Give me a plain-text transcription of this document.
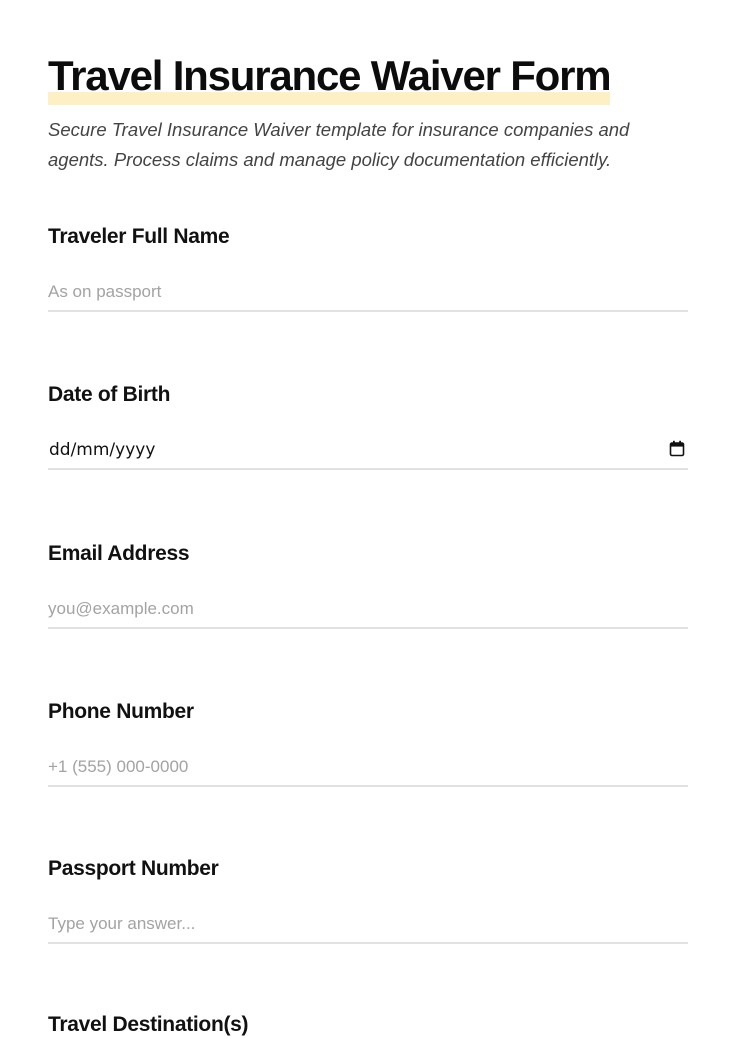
Travel Insurance Waiver Form

Secure Travel Insurance Waiver template for insurance companies and agents. Process claims and manage policy documentation efficiently.

Traveler Full Name
As on passport
Date of Birth
dd/mm/yyyy
Email Address
you@example.com
Phone Number
+1 (555) 000-0000
Passport Number
Type your answer...
Travel Destination(s)
